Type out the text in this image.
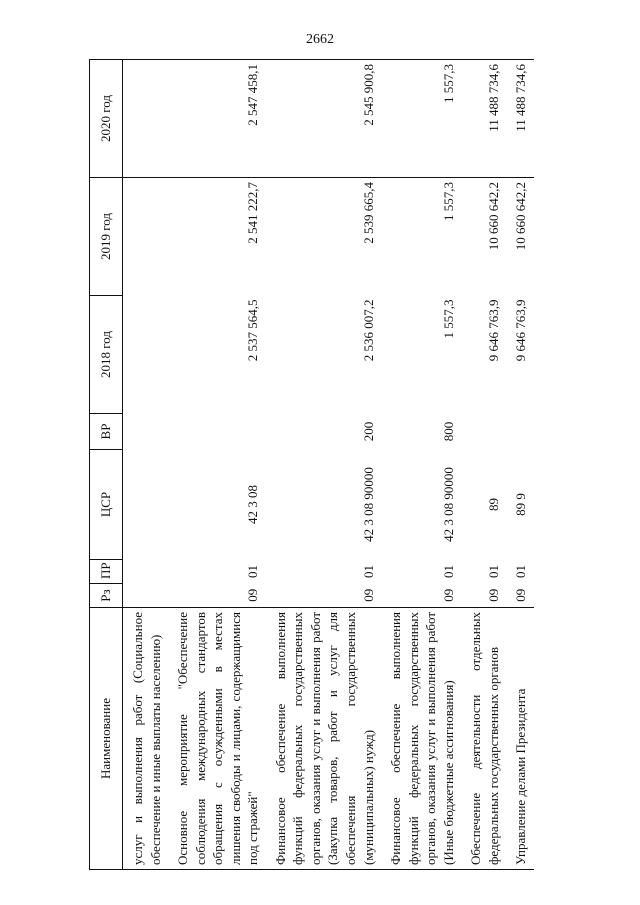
2662
Наименование	Рз	ПР	ЦСР	ВР	2018 год	2019 год	2020 год
услуг и выполнения работ (Социальное обеспечение и иные выплаты населению)							
Основное мероприятие "Обеспечение соблюдения международных стандартов обращения с осужденными в местах лишения свободы и лицами, содержащимися под стражей"	09	01	42 3 08		2 537 564,5	2 541 222,7	2 547 458,1
Финансовое обеспечение выполнения функций федеральных государственных органов, оказания услуг и выполнения работ (Закупка товаров, работ и услуг для обеспечения государственных (муниципальных) нужд)	09	01	42 3 08 90000	200	2 536 007,2	2 539 665,4	2 545 900,8
Финансовое обеспечение выполнения функций федеральных государственных органов, оказания услуг и выполнения работ (Иные бюджетные ассигнования)	09	01	42 3 08 90000	800	1 557,3	1 557,3	1 557,3
Обеспечение деятельности отдельных федеральных государственных органов	09	01	89		9 646 763,9	10 660 642,2	11 488 734,6
Управление делами Президента	09	01	89 9		9 646 763,9	10 660 642,2	11 488 734,6
